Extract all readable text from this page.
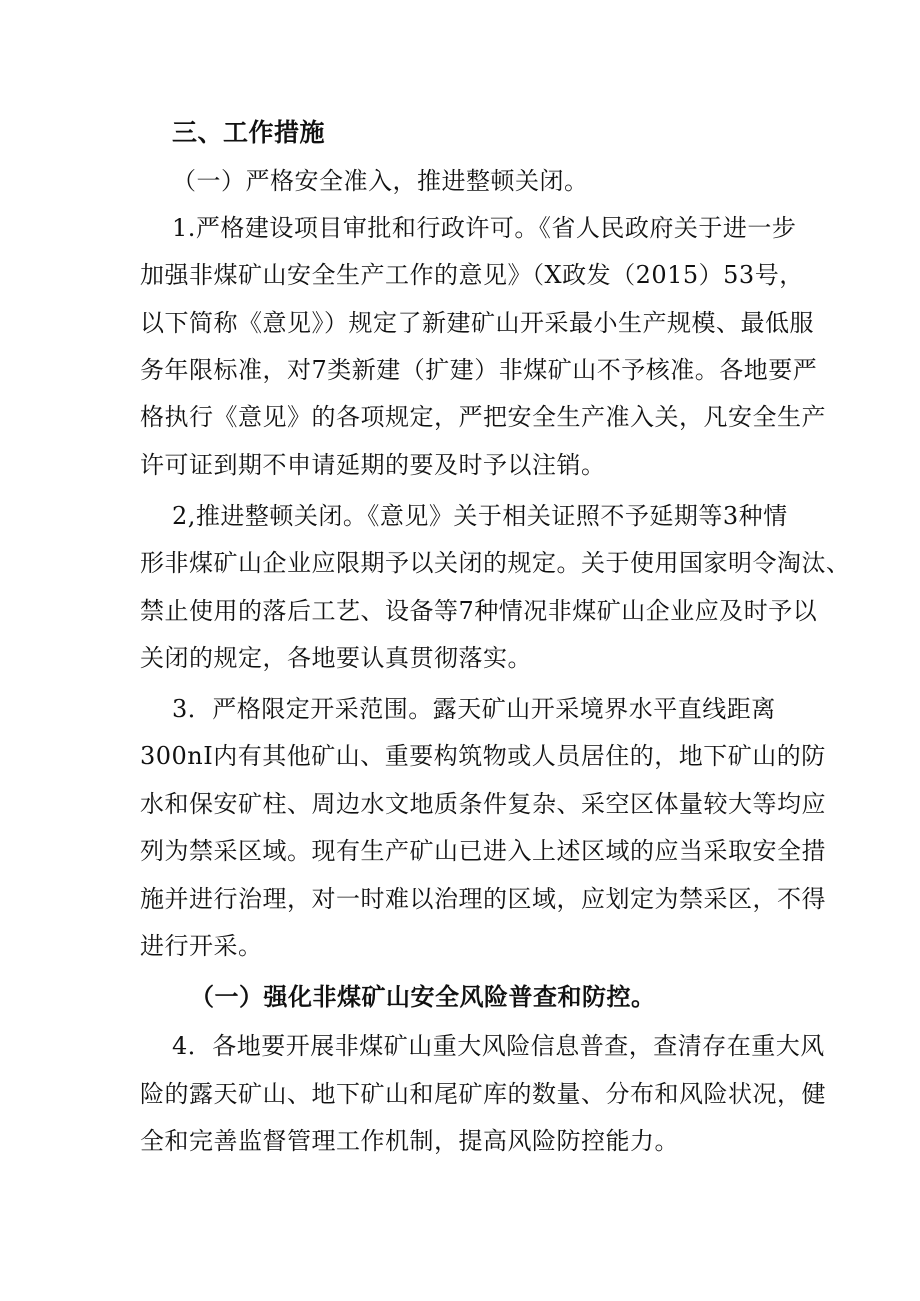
三、工作措施
（一）严格安全准入，推进整顿关闭。
1.严格建设项目审批和行政许可。《省人民政府关于进一步
加强非煤矿山安全生产工作的意见》（X政发（2015）53号，
以下简称《意见》）规定了新建矿山开采最小生产规模、最低服
务年限标准，对7类新建（扩建）非煤矿山不予核准。各地要严
格执行《意见》的各项规定，严把安全生产准入关，凡安全生产
许可证到期不申请延期的要及时予以注销。
2,推进整顿关闭。《意见》关于相关证照不予延期等3种情
形非煤矿山企业应限期予以关闭的规定。关于使用国家明令淘汰、
禁止使用的落后工艺、设备等7种情况非煤矿山企业应及时予以
关闭的规定，各地要认真贯彻落实。
3．严格限定开采范围。露天矿山开采境界水平直线距离
300nI内有其他矿山、重要构筑物或人员居住的，地下矿山的防
水和保安矿柱、周边水文地质条件复杂、采空区体量较大等均应
列为禁采区域。现有生产矿山已进入上述区域的应当采取安全措
施并进行治理，对一时难以治理的区域，应划定为禁采区，不得
进行开采。
（一）强化非煤矿山安全风险普查和防控。
4．各地要开展非煤矿山重大风险信息普查，查清存在重大风
险的露天矿山、地下矿山和尾矿库的数量、分布和风险状况，健
全和完善监督管理工作机制，提高风险防控能力。
